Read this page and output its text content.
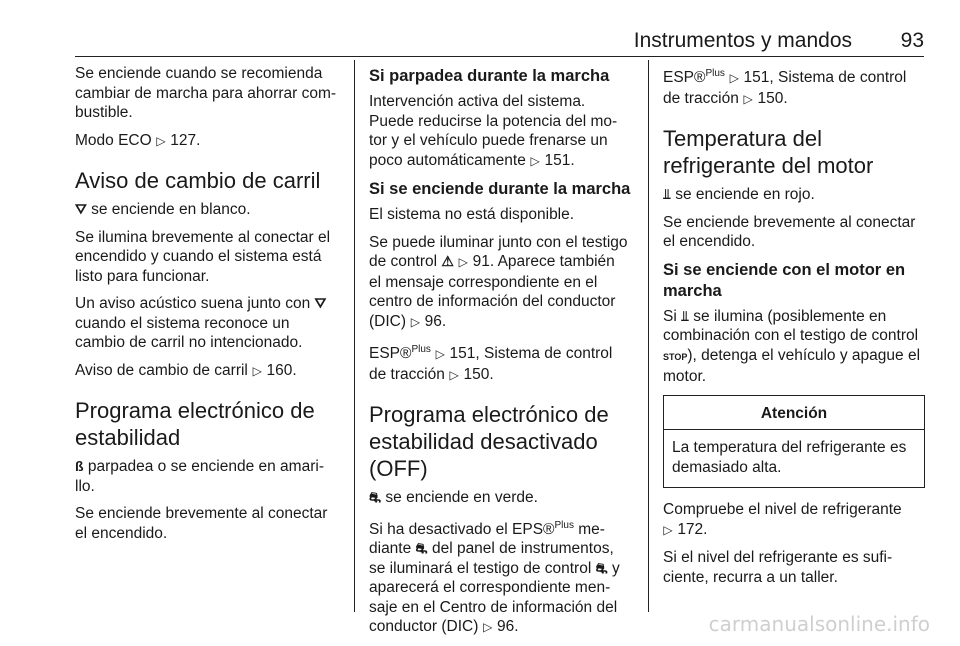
Instrumentos y mandos 93

Se enciende cuando se recomienda cambiar de marcha para ahorrar com-bustible.

Modo ECO ▷ 127.

Aviso de cambio de carril

⛛ se enciende en blanco.

Se ilumina brevemente al conectar el encendido y cuando el sistema está listo para funcionar.

Un aviso acústico suena junto con ⛛ cuando el sistema reconoce un cambio de carril no intencionado.

Aviso de cambio de carril ▷ 160.

Programa electrónico de estabilidad

ß parpadea o se enciende en amari-llo.

Se enciende brevemente al conectar el encendido.

Si parpadea durante la marcha

Intervención activa del sistema. Puede reducirse la potencia del mo-tor y el vehículo puede frenarse un poco automáticamente ▷ 151.

Si se enciende durante la marcha

El sistema no está disponible.

Se puede iluminar junto con el testigo de control ⚠ ▷ 91. Aparece también el mensaje correspondiente en el centro de información del conductor (DIC) ▷ 96.

ESP®$^{Plus}$ ▷ 151, Sistema de control de tracción ▷ 150.

Programa electrónico de estabilidad desactivado (OFF)

⛐ se enciende en verde.

Si ha desactivado el EPS®$^{Plus}$ me-diante ⛐ del panel de instrumentos, se iluminará el testigo de control ⛐ y aparecerá el correspondiente men-saje en el Centro de información del conductor (DIC) ▷ 96.

ESP®$^{Plus}$ ▷ 151, Sistema de control de tracción ▷ 150.

Temperatura del refrigerante del motor

⫫ se enciende en rojo.

Se enciende brevemente al conectar el encendido.

Si se enciende con el motor en marcha

Si ⫫ se ilumina (posiblemente en combinación con el testigo de control STOP), detenga el vehículo y apague el motor.

Atención
La temperatura del refrigerante es demasiado alta.

Compruebe el nivel de refrigerante
▷ 172.

Si el nivel del refrigerante es sufi-ciente, recurra a un taller.

carmanualsonline.info
